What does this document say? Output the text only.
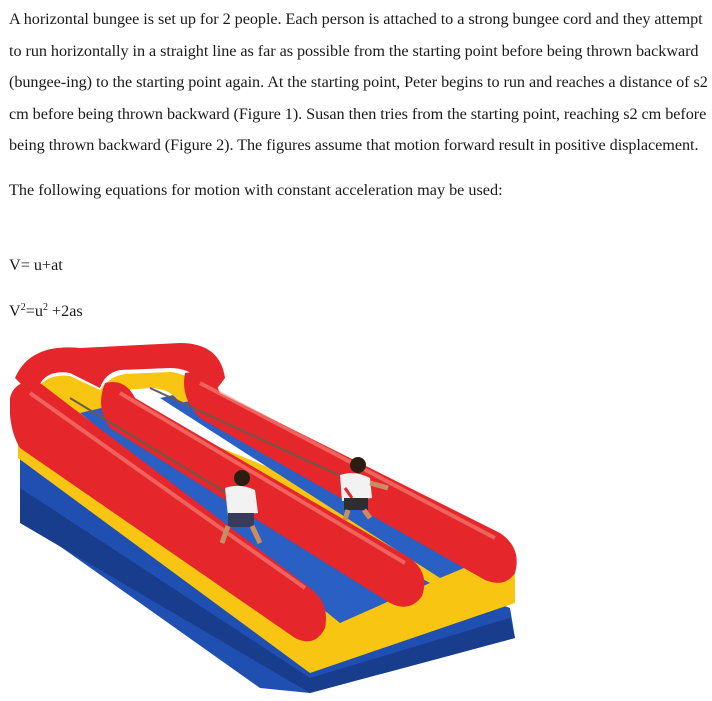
A horizontal bungee is set up for 2 people. Each person is attached to a strong bungee cord and they attempt to run horizontally in a straight line as far as possible from the starting point before being thrown backward (bungee-ing) to the starting point again. At the starting point, Peter begins to run and reaches a distance of s2 cm before being thrown backward (Figure 1). Susan then tries from the starting point, reaching s2 cm before being thrown backward (Figure 2). The figures assume that motion forward result in positive displacement.

The following equations for motion with constant acceleration may be used:

V= u+at

$V^2=u^2 +2as$
